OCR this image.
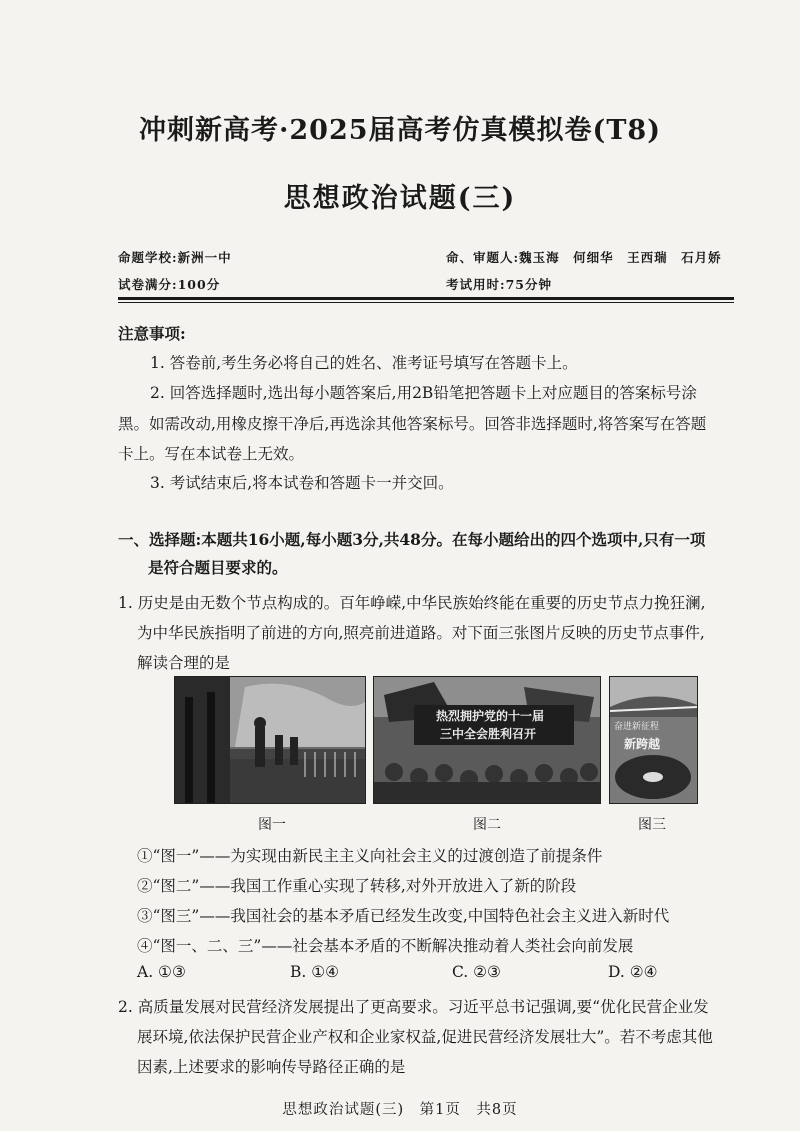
冲刺新高考·2025届高考仿真模拟卷(T8)
思想政治试题(三)
命题学校:新洲一中	命、审题人:魏玉海　何细华　王西瑞　石月娇
试卷满分:100分	考试用时:75分钟
注意事项:
1. 答卷前,考生务必将自己的姓名、准考证号填写在答题卡上。
2. 回答选择题时,选出每小题答案后,用2B铅笔把答题卡上对应题目的答案标号涂
黑。如需改动,用橡皮擦干净后,再选涂其他答案标号。回答非选择题时,将答案写在答题
卡上。写在本试卷上无效。
3. 考试结束后,将本试卷和答题卡一并交回。
一、选择题:本题共16小题,每小题3分,共48分。在每小题给出的四个选项中,只有一项
是符合题目要求的。
1. 历史是由无数个节点构成的。百年峥嵘,中华民族始终能在重要的历史节点力挽狂澜,
为中华民族指明了前进的方向,照亮前进道路。对下面三张图片反映的历史节点事件,
解读合理的是
热烈拥护党的十一届
三中全会胜利召开	奋进新征程
新跨越
图一	图二	图三
①“图一”——为实现由新民主主义向社会主义的过渡创造了前提条件
②“图二”——我国工作重心实现了转移,对外开放进入了新的阶段
③“图三”——我国社会的基本矛盾已经发生改变,中国特色社会主义进入新时代
④“图一、二、三”——社会基本矛盾的不断解决推动着人类社会向前发展
A. ①③	B. ①④	C. ②③	D. ②④
2. 高质量发展对民营经济发展提出了更高要求。习近平总书记强调,要“优化民营企业发
展环境,依法保护民营企业产权和企业家权益,促进民营经济发展壮大”。若不考虑其他
因素,上述要求的影响传导路径正确的是
思想政治试题(三)　第1页　共8页
